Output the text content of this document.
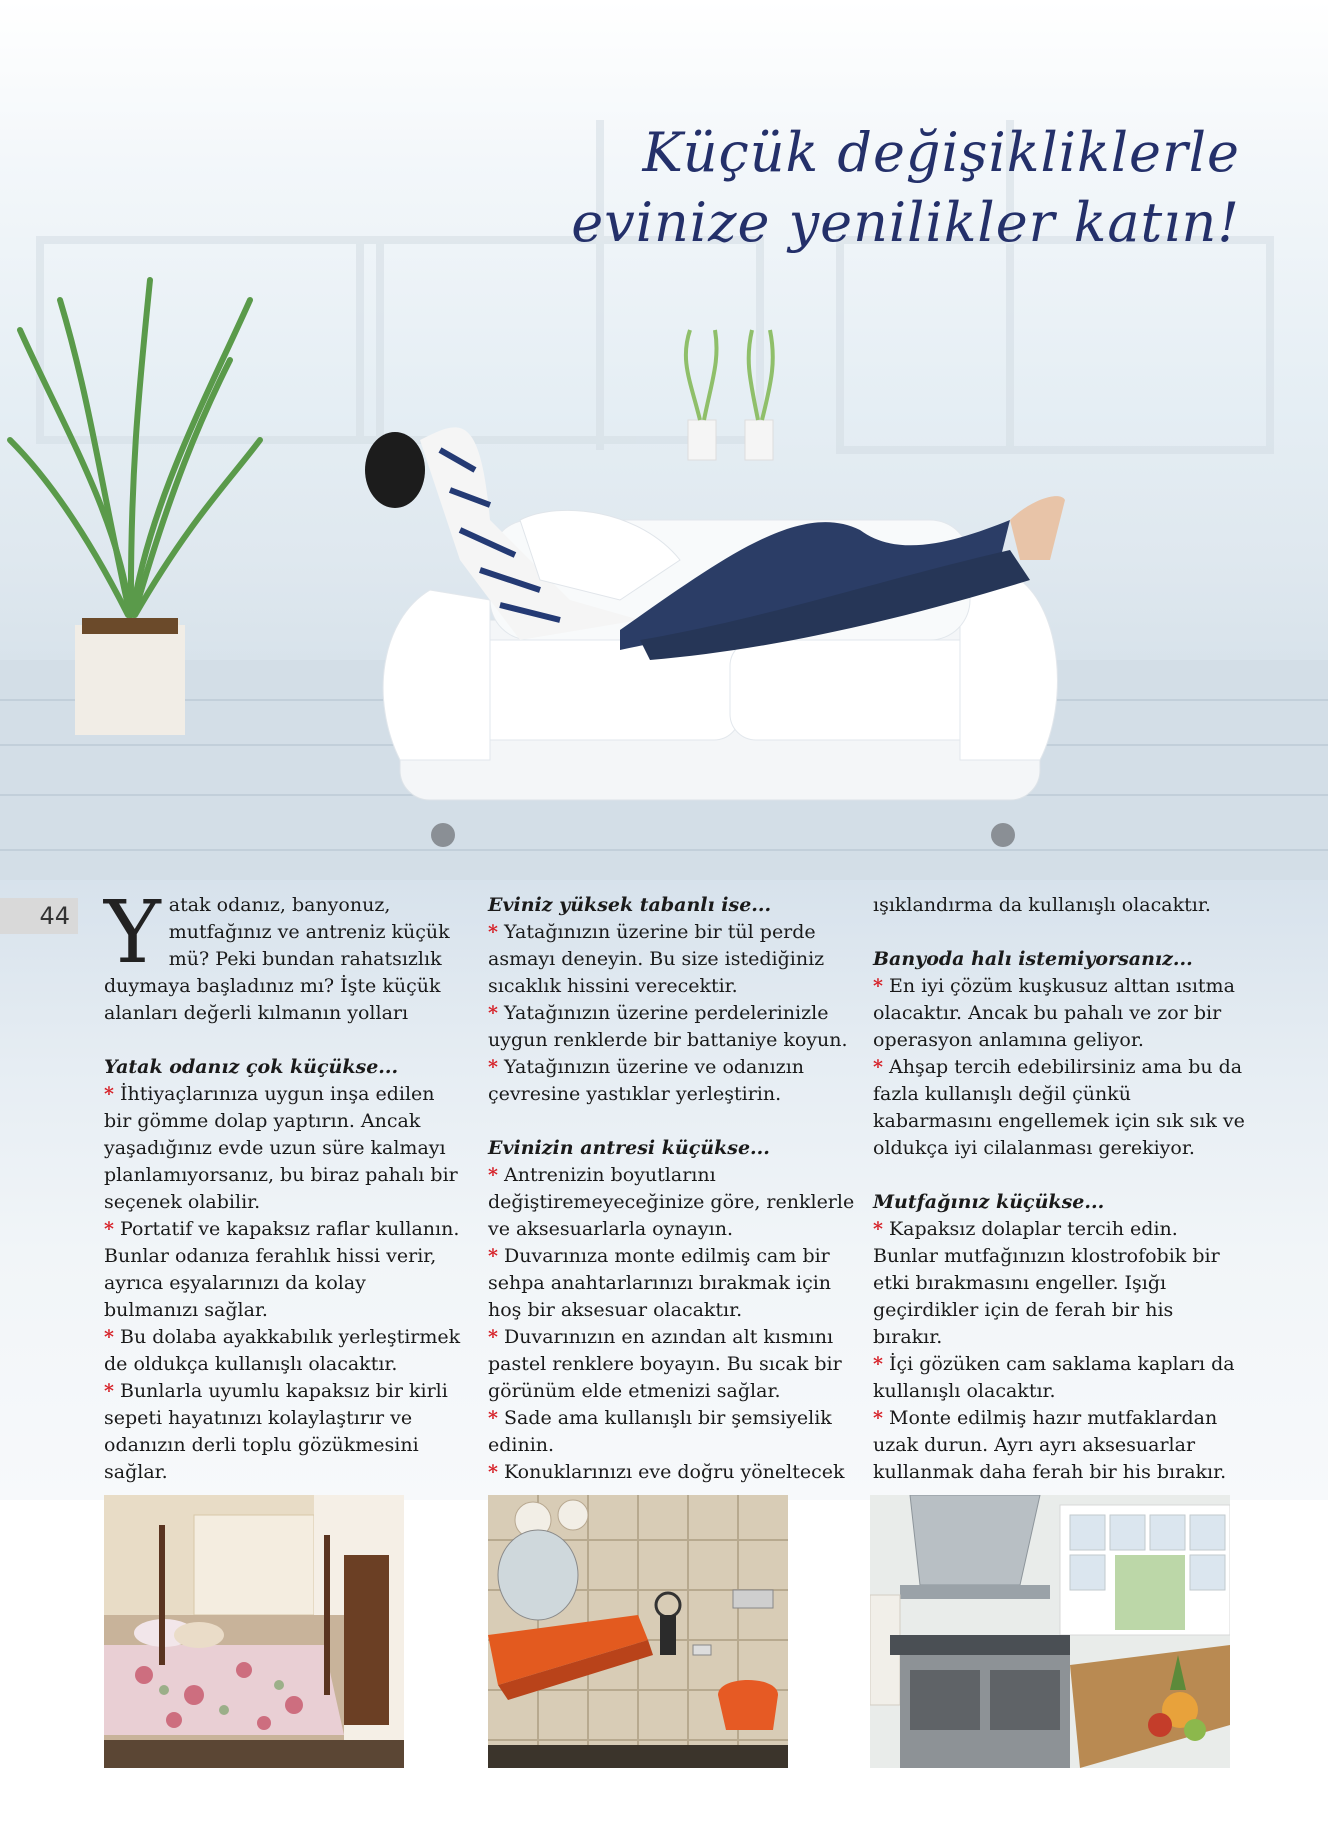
Küçük değişikliklerle
evinize yenilikler katın!
44 Yatak odanız, banyonuz, mutfağınız ve antreniz küçük mü? Peki bundan rahatsızlık duymaya başladınız mı? İşte küçük alanları değerli kılmanın yolları

Yatak odanız çok küçükse...

* İhtiyaçlarınıza uygun inşa edilen bir gömme dolap yaptırın. Ancak yaşadığınız evde uzun süre kalmayı planlamıyorsanız, bu biraz pahalı bir seçenek olabilir.

* Portatif ve kapaksız raflar kullanın. Bunlar odanıza ferahlık hissi verir, ayrıca eşyalarınızı da kolay bulmanızı sağlar.

* Bu dolaba ayakkabılık yerleştirmek de oldukça kullanışlı olacaktır.

* Bunlarla uyumlu kapaksız bir kirli sepeti hayatınızı kolaylaştırır ve odanızın derli toplu gözükmesini sağlar.

Eviniz yüksek tabanlı ise...

* Yatağınızın üzerine bir tül perde asmayı deneyin. Bu size istediğiniz sıcaklık hissini verecektir.

* Yatağınızın üzerine perdelerinizle uygun renklerde bir battaniye koyun.

* Yatağınızın üzerine ve odanızın çevresine yastıklar yerleştirin.

Evinizin antresi küçükse...

* Antrenizin boyutlarını değiştiremeyeceğinize göre, renklerle ve aksesuarlarla oynayın.

* Duvarınıza monte edilmiş cam bir sehpa anahtarlarınızı bırakmak için hoş bir aksesuar olacaktır.

* Duvarınızın en azından alt kısmını pastel renklere boyayın. Bu sıcak bir görünüm elde etmenizi sağlar.

* Sade ama kullanışlı bir şemsiyelik edinin.

* Konuklarınızı eve doğru yöneltecek

ışıklandırma da kullanışlı olacaktır.

Banyoda halı istemiyorsanız...

* En iyi çözüm kuşkusuz alttan ısıtma olacaktır. Ancak bu pahalı ve zor bir operasyon anlamına geliyor.

* Ahşap tercih edebilirsiniz ama bu da fazla kullanışlı değil çünkü kabarmasını engellemek için sık sık ve oldukça iyi cilalanması gerekiyor.

Mutfağınız küçükse...

* Kapaksız dolaplar tercih edin. Bunlar mutfağınızın klostrofobik bir etki bırakmasını engeller. Işığı geçirdikler için de ferah bir his bırakır.

* İçi gözüken cam saklama kapları da kullanışlı olacaktır.

* Monte edilmiş hazır mutfaklardan uzak durun. Ayrı ayrı aksesuarlar kullanmak daha ferah bir his bırakır.
